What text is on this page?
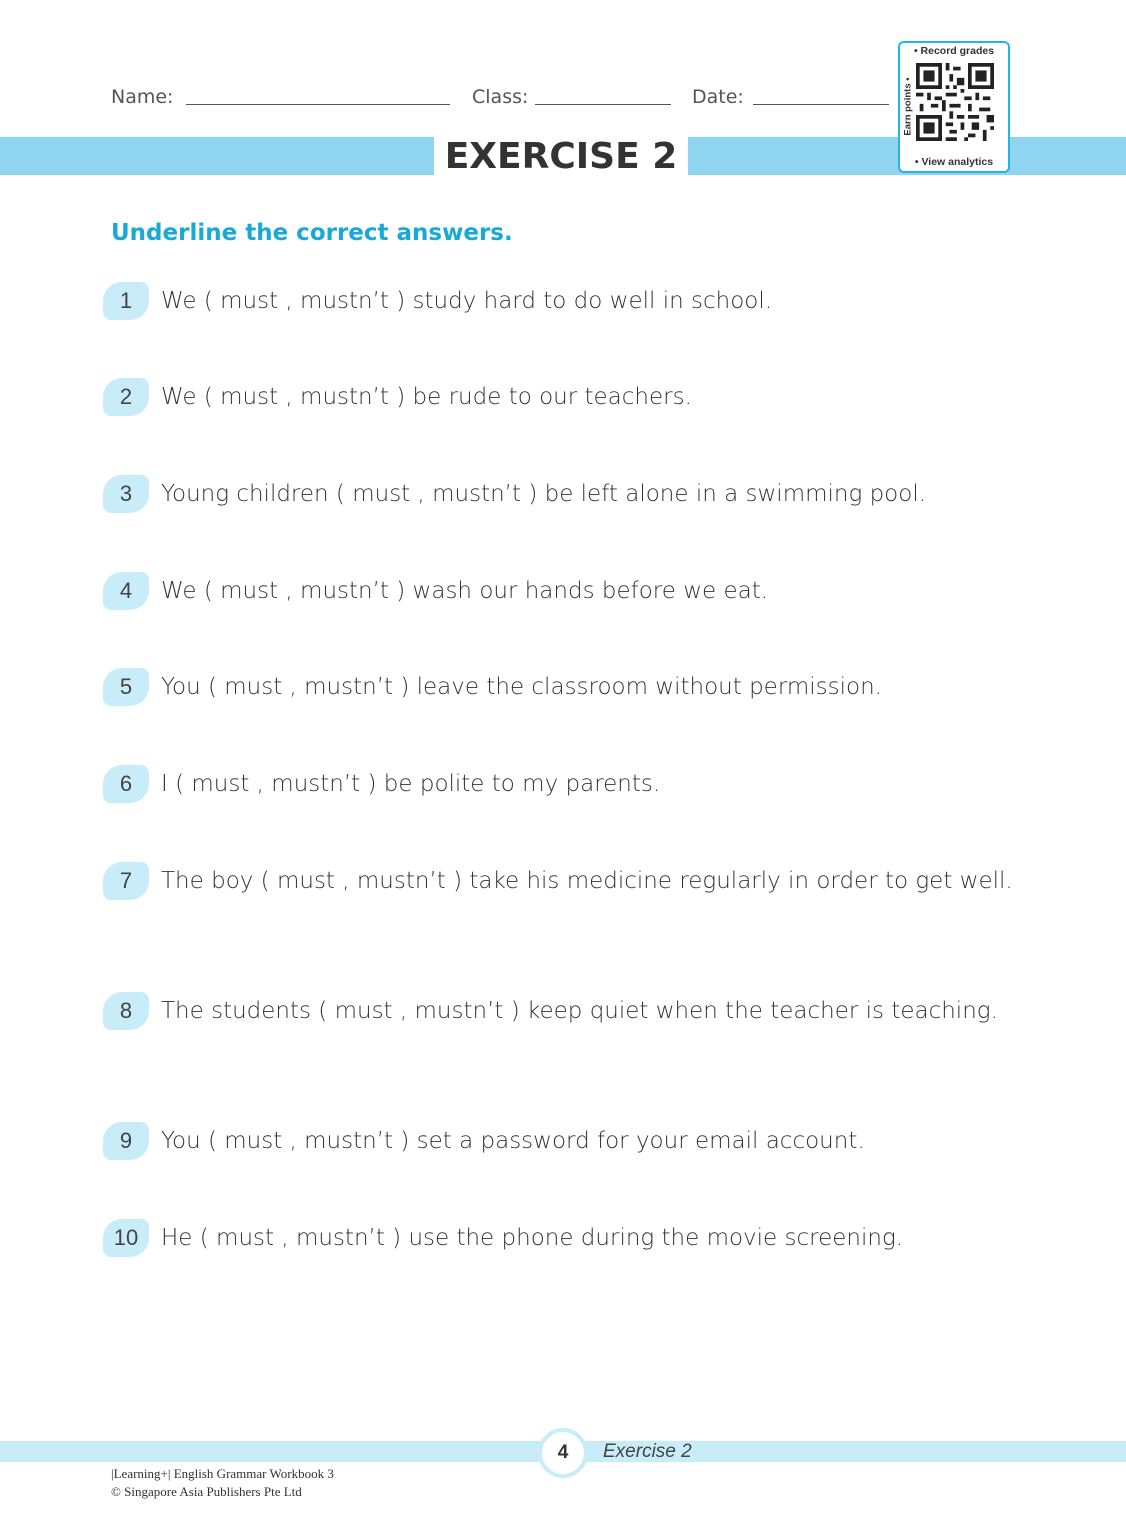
Name:	Class:	Date:
EXERCISE 2
• Record grades
Earn points •
• View analytics
Underline the correct answers.
1	We ( must , mustn’t ) study hard to do well in school.
2	We ( must , mustn’t ) be rude to our teachers.
3	Young children ( must , mustn’t ) be left alone in a swimming pool.
4	We ( must , mustn’t ) wash our hands before we eat.
5	You ( must , mustn’t ) leave the classroom without permission.
6	I ( must , mustn’t ) be polite to my parents.
7	The boy ( must , mustn’t ) take his medicine regularly in order to get well.
8	The students ( must , mustn’t ) keep quiet when the teacher is teaching.
9	You ( must , mustn’t ) set a password for your email account.
10 He ( must , mustn’t ) use the phone during the movie screening.
4	Exercise 2
|Learning+| English Grammar Workbook 3
© Singapore Asia Publishers Pte Ltd
